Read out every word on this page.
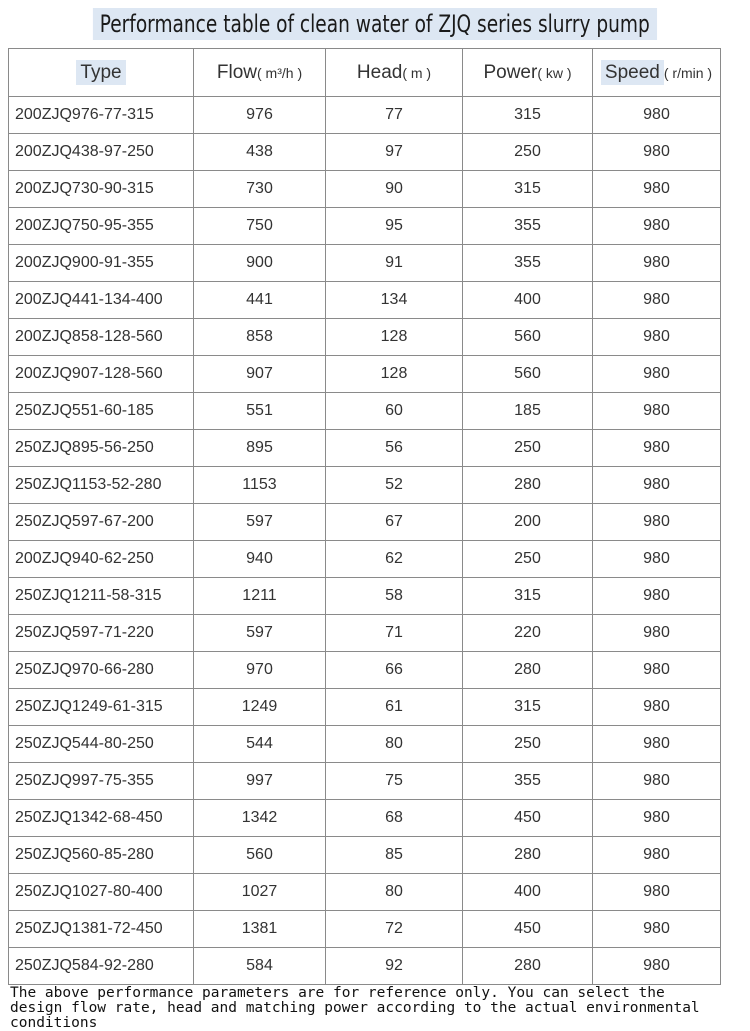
Performance table of clean water of ZJQ series slurry pump
Type	Flow( m³/h )	Head( m )	Power( kw )	Speed ( r/min )
200ZJQ976-77-315	976	77	315	980
200ZJQ438-97-250	438	97	250	980
200ZJQ730-90-315	730	90	315	980
200ZJQ750-95-355	750	95	355	980
200ZJQ900-91-355	900	91	355	980
200ZJQ441-134-400	441	134	400	980
200ZJQ858-128-560	858	128	560	980
200ZJQ907-128-560	907	128	560	980
250ZJQ551-60-185	551	60	185	980
250ZJQ895-56-250	895	56	250	980
250ZJQ1153-52-280	1153	52	280	980
250ZJQ597-67-200	597	67	200	980
200ZJQ940-62-250	940	62	250	980
250ZJQ1211-58-315	1211	58	315	980
250ZJQ597-71-220	597	71	220	980
250ZJQ970-66-280	970	66	280	980
250ZJQ1249-61-315	1249	61	315	980
250ZJQ544-80-250	544	80	250	980
250ZJQ997-75-355	997	75	355	980
250ZJQ1342-68-450	1342	68	450	980
250ZJQ560-85-280	560	85	280	980
250ZJQ1027-80-400	1027	80	400	980
250ZJQ1381-72-450	1381	72	450	980
250ZJQ584-92-280	584	92	280	980
The above performance parameters are for reference only. You can select the design flow rate, head and matching power according to the actual environmental conditions
